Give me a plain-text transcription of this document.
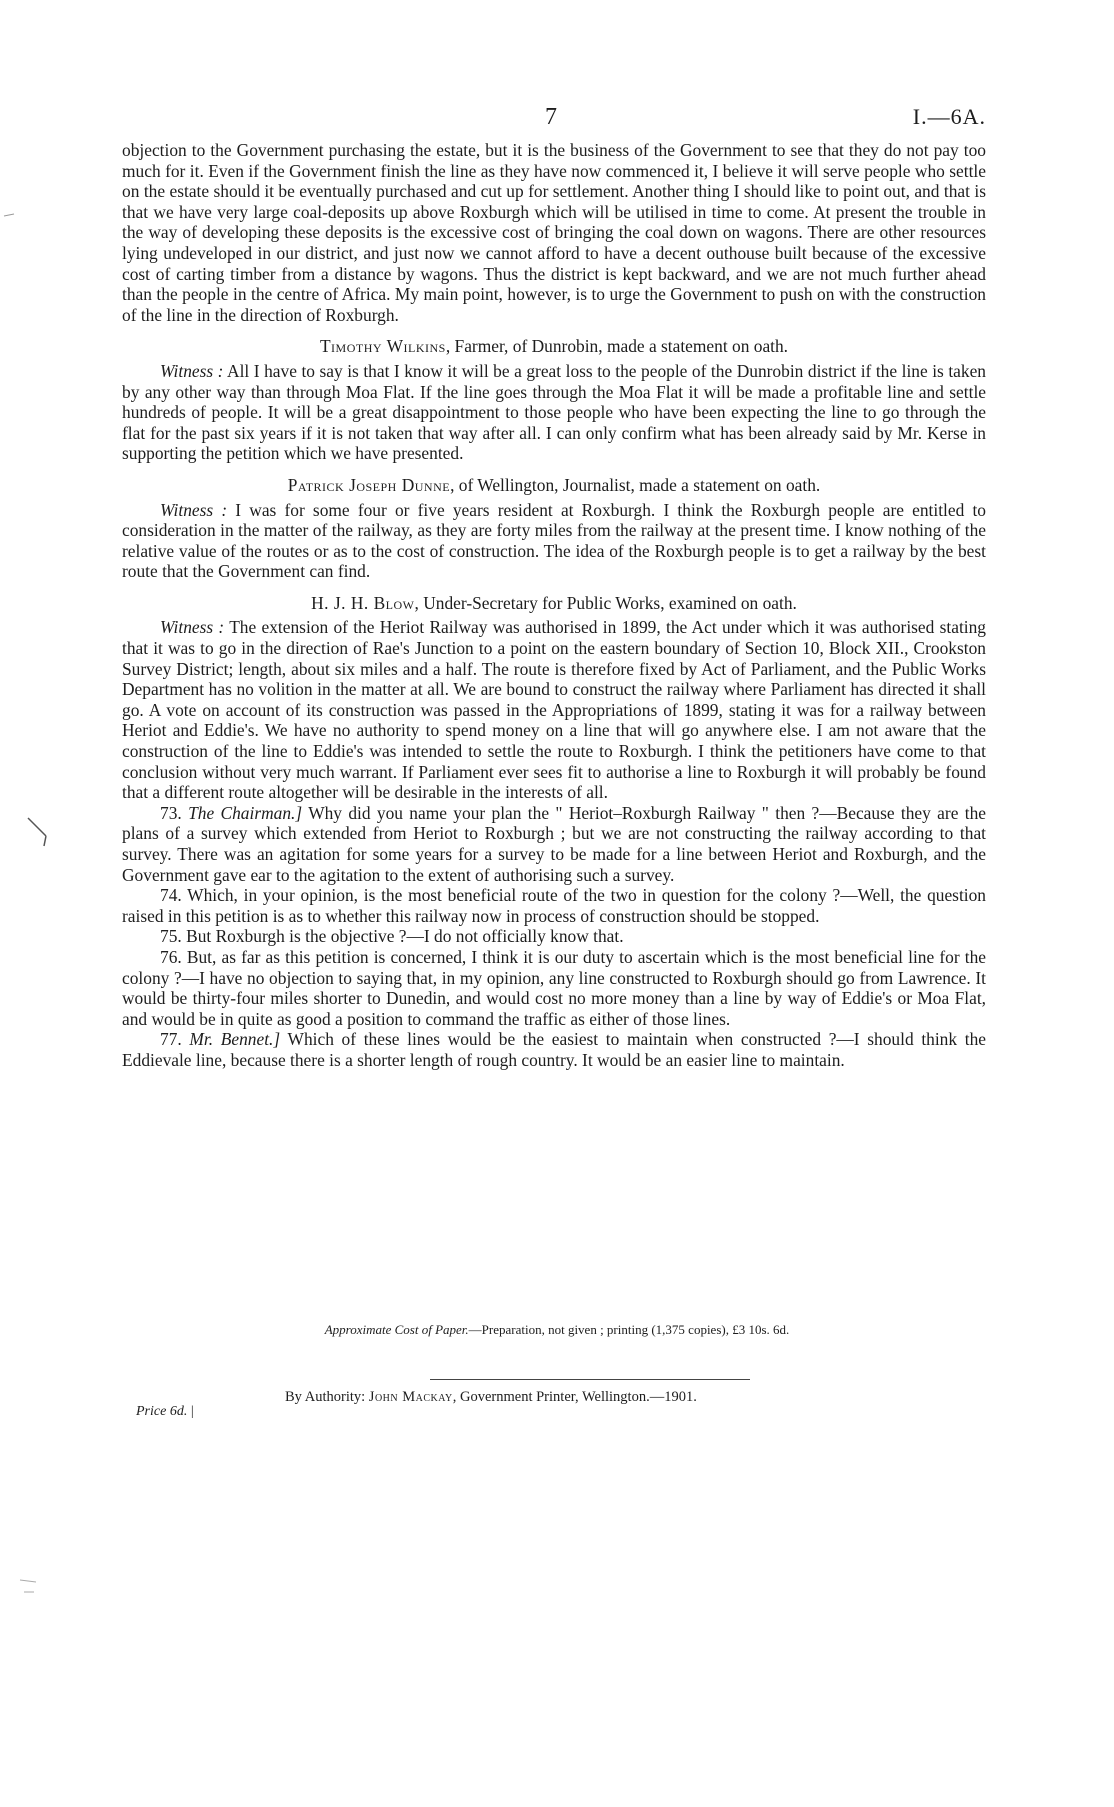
7	I.—6A.

objection to the Government purchasing the estate, but it is the business of the Government to see that they do not pay too much for it. Even if the Government finish the line as they have now commenced it, I believe it will serve people who settle on the estate should it be eventually purchased and cut up for settlement. Another thing I should like to point out, and that is that we have very large coal-deposits up above Roxburgh which will be utilised in time to come. At present the trouble in the way of developing these deposits is the excessive cost of bringing the coal down on wagons. There are other resources lying undeveloped in our district, and just now we cannot afford to have a decent outhouse built because of the excessive cost of carting timber from a distance by wagons. Thus the district is kept backward, and we are not much further ahead than the people in the centre of Africa. My main point, however, is to urge the Government to push on with the construction of the line in the direction of Roxburgh.

Timothy Wilkins, Farmer, of Dunrobin, made a statement on oath.

Witness : All I have to say is that I know it will be a great loss to the people of the Dunrobin district if the line is taken by any other way than through Moa Flat. If the line goes through the Moa Flat it will be made a profitable line and settle hundreds of people. It will be a great disappointment to those people who have been expecting the line to go through the flat for the past six years if it is not taken that way after all. I can only confirm what has been already said by Mr. Kerse in supporting the petition which we have presented.

Patrick Joseph Dunne, of Wellington, Journalist, made a statement on oath.

Witness : I was for some four or five years resident at Roxburgh. I think the Roxburgh people are entitled to consideration in the matter of the railway, as they are forty miles from the railway at the present time. I know nothing of the relative value of the routes or as to the cost of construction. The idea of the Roxburgh people is to get a railway by the best route that the Government can find.

H. J. H. Blow, Under-Secretary for Public Works, examined on oath.

Witness : The extension of the Heriot Railway was authorised in 1899, the Act under which it was authorised stating that it was to go in the direction of Rae's Junction to a point on the eastern boundary of Section 10, Block XII., Crookston Survey District; length, about six miles and a half. The route is therefore fixed by Act of Parliament, and the Public Works Department has no volition in the matter at all. We are bound to construct the railway where Parliament has directed it shall go. A vote on account of its construction was passed in the Appropriations of 1899, stating it was for a railway between Heriot and Eddie's. We have no authority to spend money on a line that will go anywhere else. I am not aware that the construction of the line to Eddie's was intended to settle the route to Roxburgh. I think the petitioners have come to that conclusion without very much warrant. If Parliament ever sees fit to authorise a line to Roxburgh it will probably be found that a different route altogether will be desirable in the interests of all.

73. The Chairman.] Why did you name your plan the " Heriot–Roxburgh Railway " then ?—Because they are the plans of a survey which extended from Heriot to Roxburgh ; but we are not constructing the railway according to that survey. There was an agitation for some years for a survey to be made for a line between Heriot and Roxburgh, and the Government gave ear to the agitation to the extent of authorising such a survey.

74. Which, in your opinion, is the most beneficial route of the two in question for the colony ?—Well, the question raised in this petition is as to whether this railway now in process of construction should be stopped.

75. But Roxburgh is the objective ?—I do not officially know that.

76. But, as far as this petition is concerned, I think it is our duty to ascertain which is the most beneficial line for the colony ?—I have no objection to saying that, in my opinion, any line constructed to Roxburgh should go from Lawrence. It would be thirty-four miles shorter to Dunedin, and would cost no more money than a line by way of Eddie's or Moa Flat, and would be in quite as good a position to command the traffic as either of those lines.

77. Mr. Bennet.] Which of these lines would be the easiest to maintain when constructed ?—I should think the Eddievale line, because there is a shorter length of rough country. It would be an easier line to maintain.

Approximate Cost of Paper.—Preparation, not given ; printing (1,375 copies), £3 10s. 6d.
Price 6d. |
By Authority: John Mackay, Government Printer, Wellington.—1901.
